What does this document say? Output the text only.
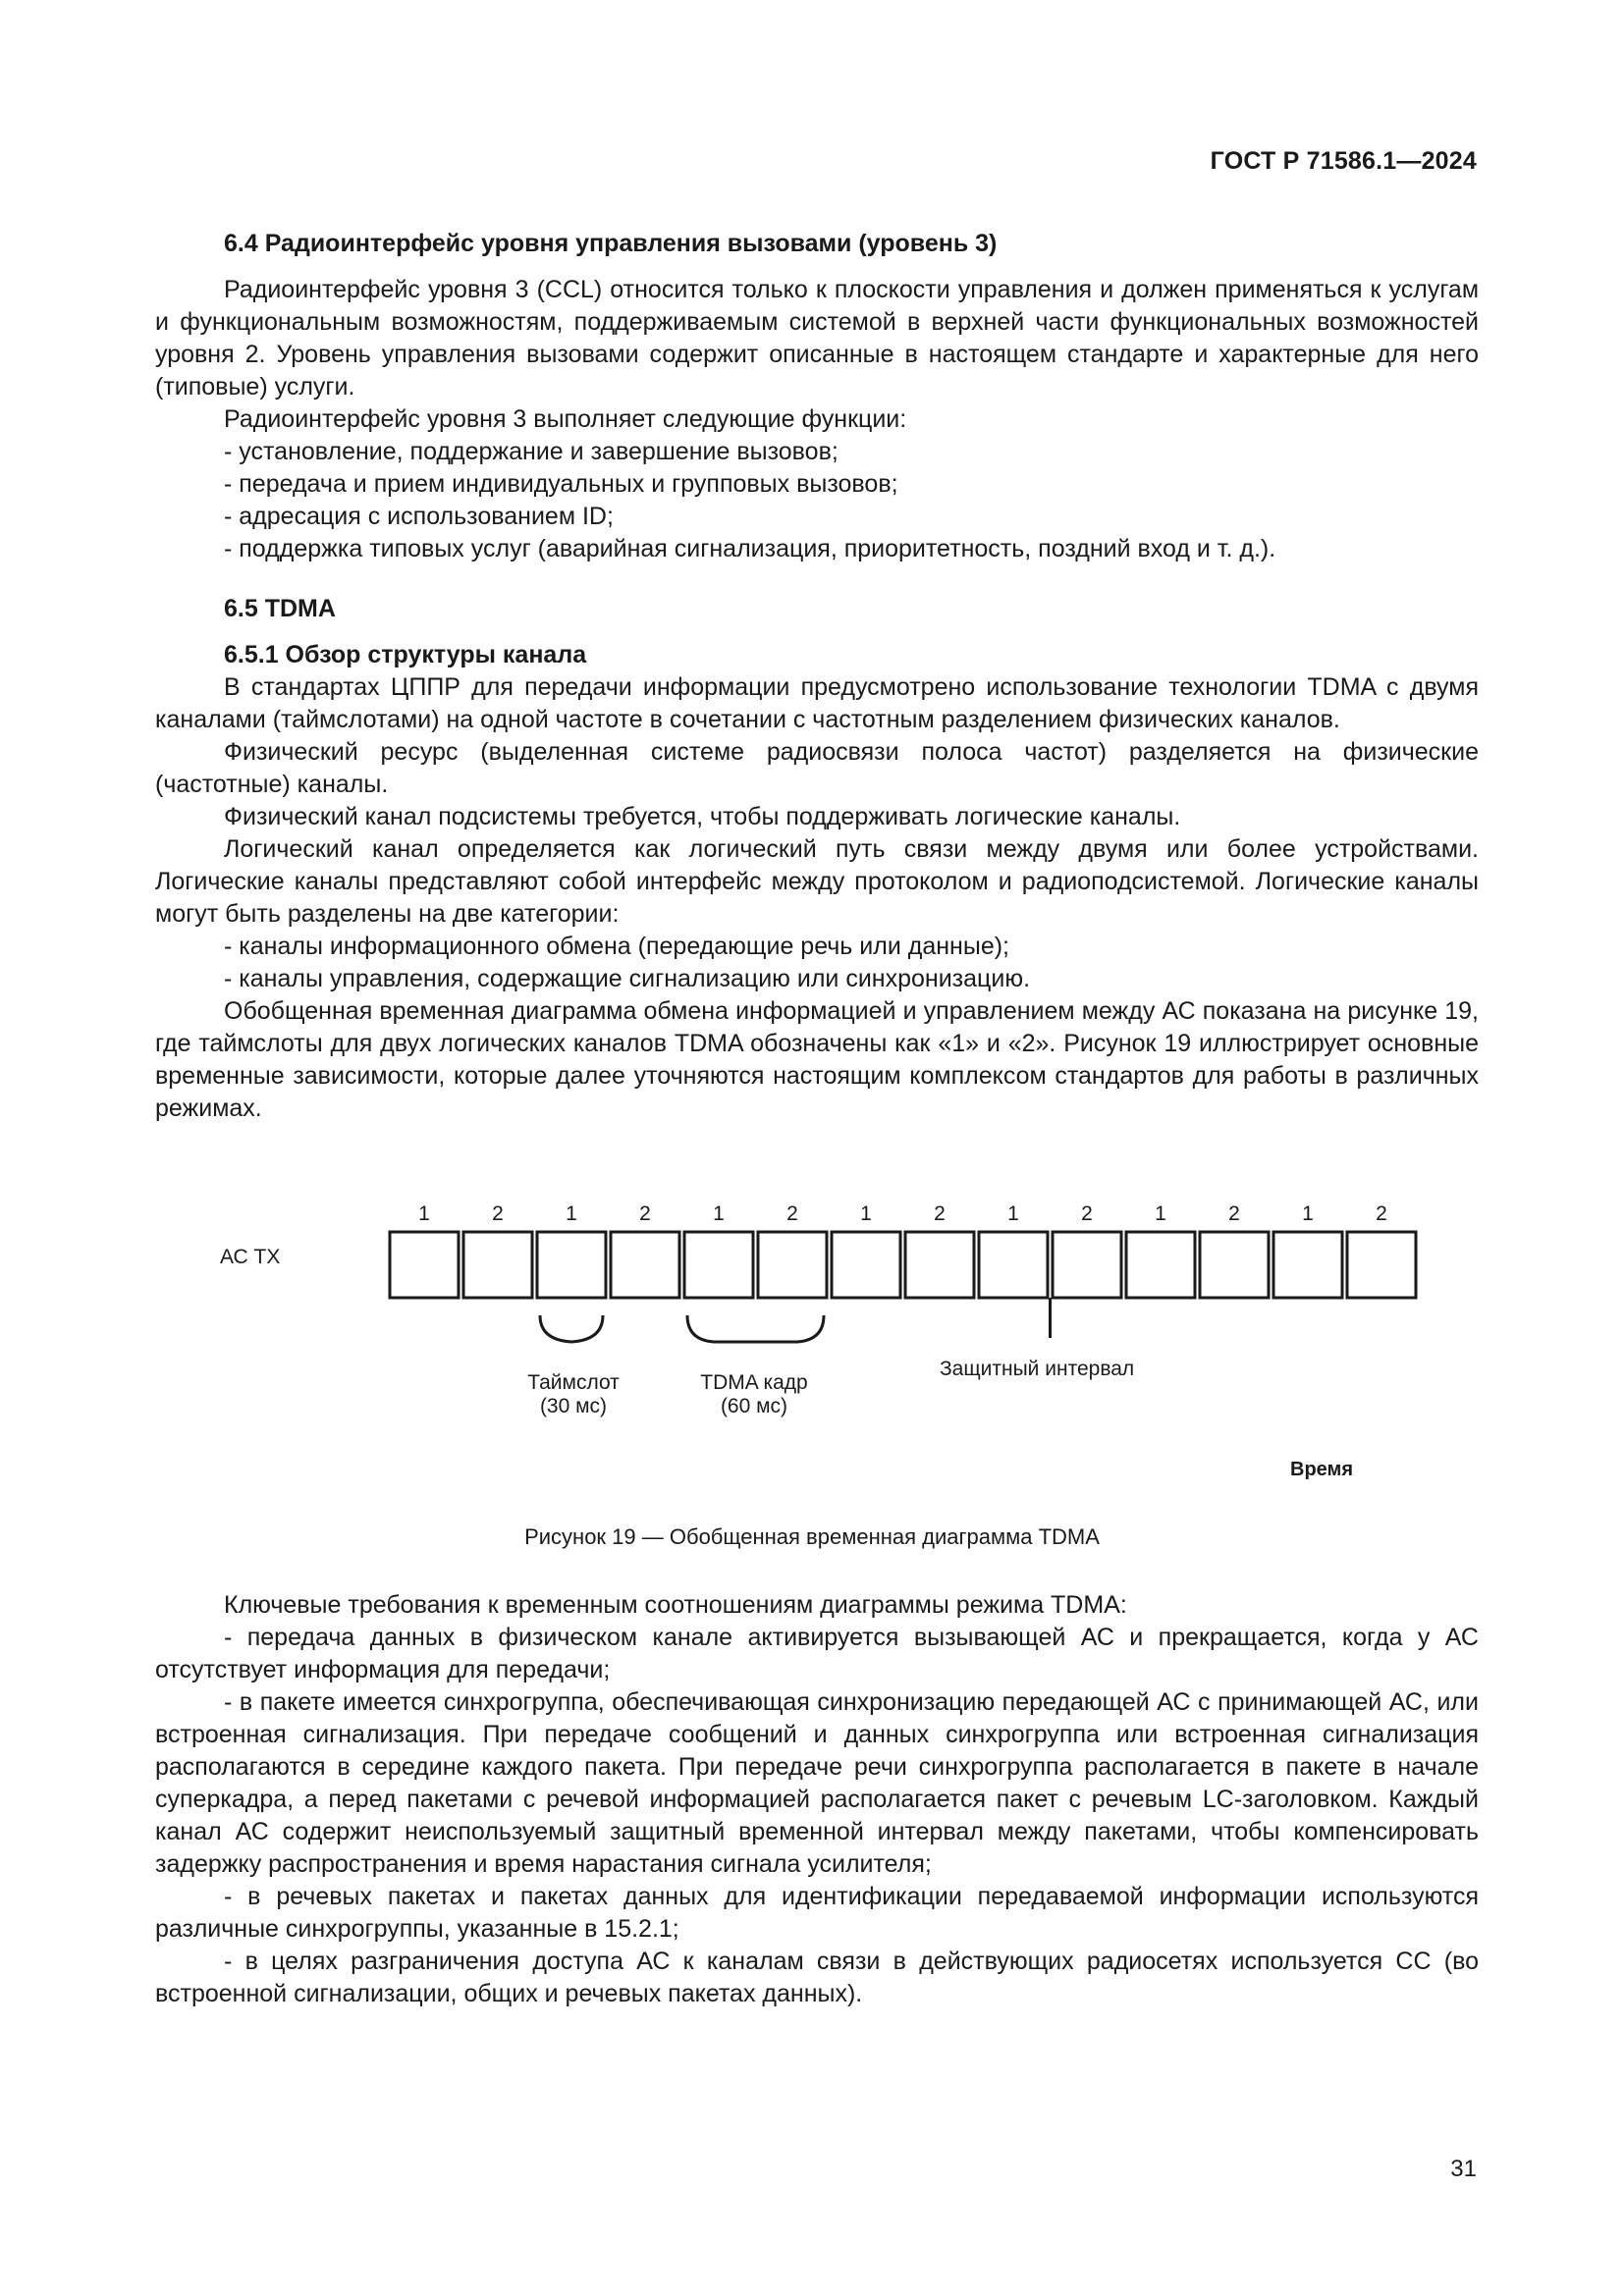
ГОСТ Р 71586.1—2024

6.4 Радиоинтерфейс уровня управления вызовами (уровень 3)

Радиоинтерфейс уровня 3 (CCL) относится только к плоскости управления и должен применяться к услугам и функциональным возможностям, поддерживаемым системой в верхней части функциональных возможностей уровня 2. Уровень управления вызовами содержит описанные в настоящем стандарте и характерные для него (типовые) услуги.

Радиоинтерфейс уровня 3 выполняет следующие функции:

- установление, поддержание и завершение вызовов;

- передача и прием индивидуальных и групповых вызовов;

- адресация с использованием ID;

- поддержка типовых услуг (аварийная сигнализация, приоритетность, поздний вход и т. д.).

6.5 TDMA

6.5.1 Обзор структуры канала

В стандартах ЦППР для передачи информации предусмотрено использование технологии TDMA с двумя каналами (таймслотами) на одной частоте в сочетании с частотным разделением физических каналов.

Физический ресурс (выделенная системе радиосвязи полоса частот) разделяется на физические (частотные) каналы.

Физический канал подсистемы требуется, чтобы поддерживать логические каналы.

Логический канал определяется как логический путь связи между двумя или более устройствами. Логические каналы представляют собой интерфейс между протоколом и радиоподсистемой. Логические каналы могут быть разделены на две категории:

- каналы информационного обмена (передающие речь или данные);

- каналы управления, содержащие сигнализацию или синхронизацию.

Обобщенная временная диаграмма обмена информацией и управлением между АС показана на рисунке 19, где таймслоты для двух логических каналов TDMA обозначены как «1» и «2». Рисунок 19 иллюстрирует основные временные зависимости, которые далее уточняются настоящим комплексом стандартов для работы в различных режимах.

1	2	1	2	1	2	1	2	1	2	1	2	1	2
АС TX
Таймслот
(30 мс)
TDMA кадр
(60 мс)
Защитный интервал
Время
Рисунок 19 — Обобщенная временная диаграмма TDMA

Ключевые требования к временным соотношениям диаграммы режима TDMA:

- передача данных в физическом канале активируется вызывающей АС и прекращается, когда у АС отсутствует информация для передачи;

- в пакете имеется синхрогруппа, обеспечивающая синхронизацию передающей АС с принимающей АС, или встроенная сигнализация. При передаче сообщений и данных синхрогруппа или встроенная сигнализация располагаются в середине каждого пакета. При передаче речи синхрогруппа располагается в пакете в начале суперкадра, а перед пакетами с речевой информацией располагается пакет с речевым LC-заголовком. Каждый канал АС содержит неиспользуемый защитный временной интервал между пакетами, чтобы компенсировать задержку распространения и время нарастания сигнала усилителя;

- в речевых пакетах и пакетах данных для идентификации передаваемой информации используются различные синхрогруппы, указанные в 15.2.1;

- в целях разграничения доступа АС к каналам связи в действующих радиосетях используется СС (во встроенной сигнализации, общих и речевых пакетах данных).

31
